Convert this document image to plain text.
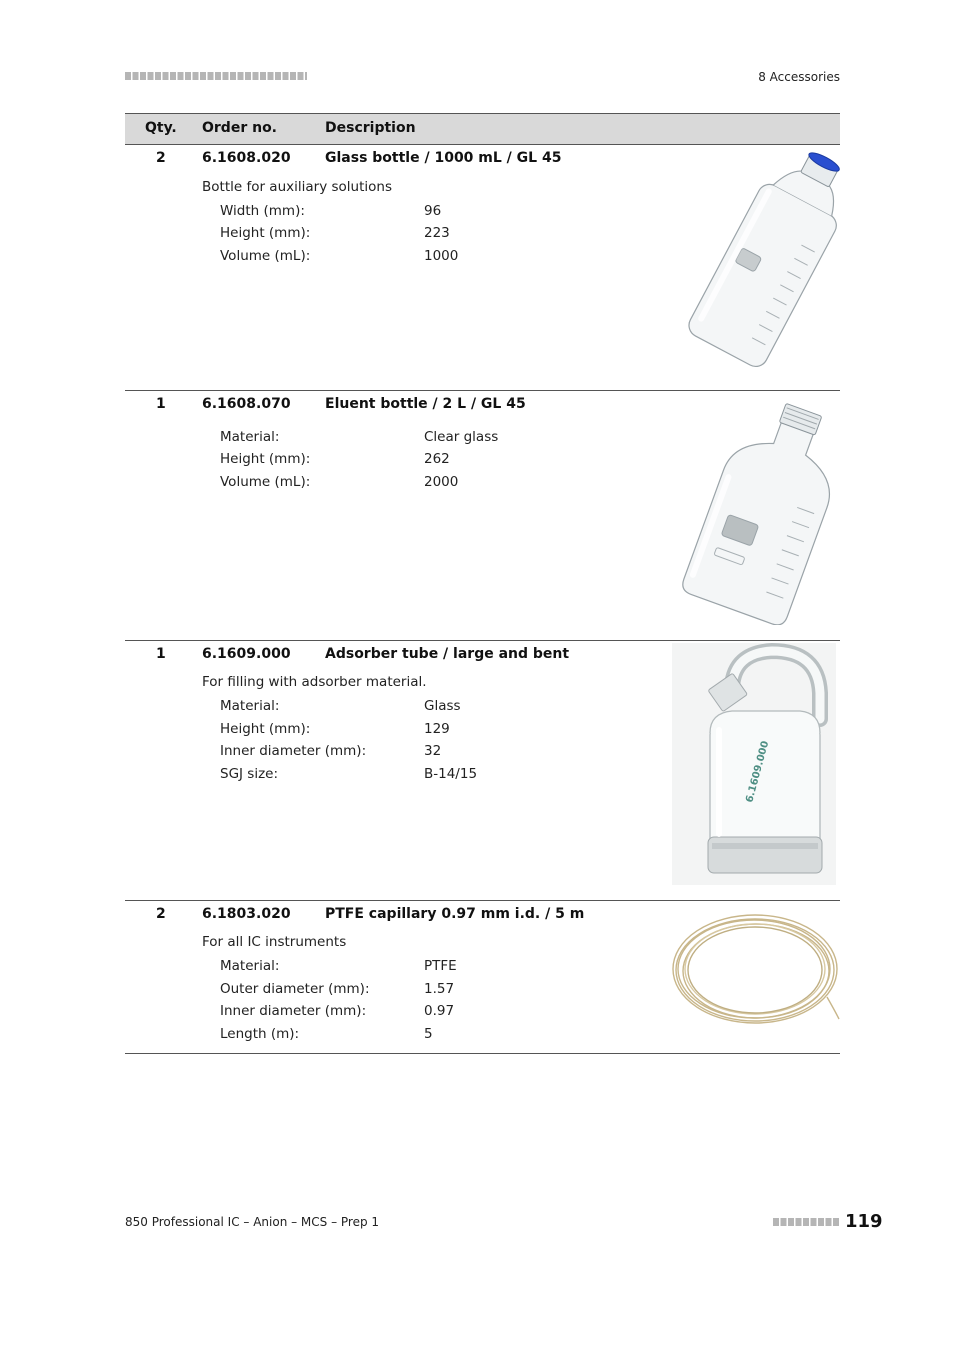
8 Accessories
Qty. Order no.	Description
2	6.1608.020 Glass bottle / 1000 mL / GL 45
Bottle for auxiliary solutions
Width (mm):	96
Height (mm):	223
Volume (mL):	1000
1	6.1608.070 Eluent bottle / 2 L / GL 45
Material:	Clear glass
Height (mm):	262
Volume (mL):	2000
1	6.1609.000 Adsorber tube / large and bent
For filling with adsorber material.
Material:	Glass
Height (mm):	129
Inner diameter (mm):	32
SGJ size:	B-14/15	6.1609.000
2	6.1803.020 PTFE capillary 0.97 mm i.d. / 5 m
For all IC instruments
Material:	PTFE
Outer diameter (mm):	1.57
Inner diameter (mm):	0.97
Length (m):	5
850 Professional IC – Anion – MCS – Prep 1	119
